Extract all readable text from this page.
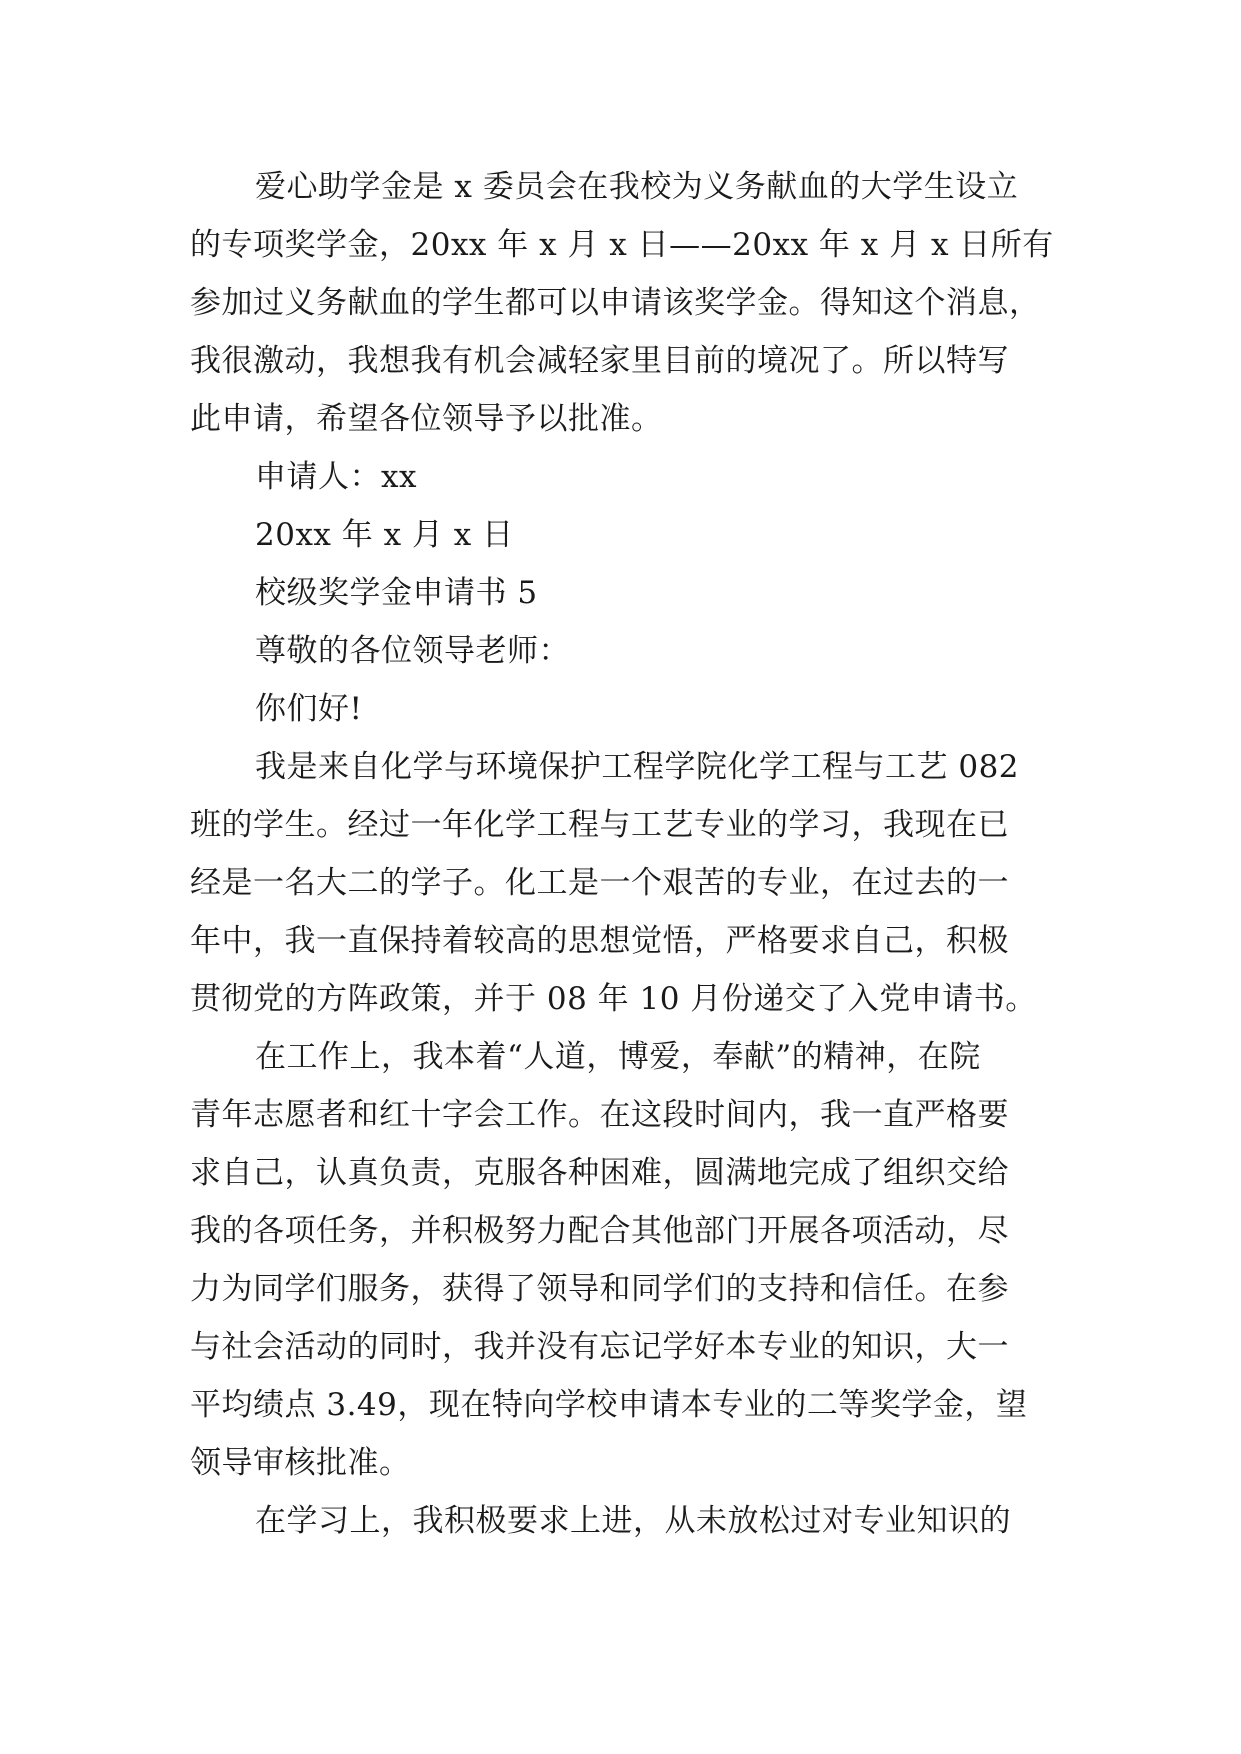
爱心助学金是 x 委员会在我校为义务献血的大学生设立
的专项奖学金，20xx 年 x 月 x 日——20xx 年 x 月 x 日所有
参加过义务献血的学生都可以申请该奖学金。得知这个消息，
我很激动，我想我有机会减轻家里目前的境况了。所以特写
此申请，希望各位领导予以批准。
申请人：xx
20xx 年 x 月 x 日
校级奖学金申请书 5
尊敬的各位领导老师：
你们好!
我是来自化学与环境保护工程学院化学工程与工艺 082
班的学生。经过一年化学工程与工艺专业的学习，我现在已
经是一名大二的学子。化工是一个艰苦的专业，在过去的一
年中，我一直保持着较高的思想觉悟，严格要求自己，积极
贯彻党的方阵政策，并于 08 年 10 月份递交了入党申请书。
在工作上，我本着“人道，博爱，奉献”的精神，在院
青年志愿者和红十字会工作。在这段时间内，我一直严格要
求自己，认真负责，克服各种困难，圆满地完成了组织交给
我的各项任务，并积极努力配合其他部门开展各项活动，尽
力为同学们服务，获得了领导和同学们的支持和信任。在参
与社会活动的同时，我并没有忘记学好本专业的知识，大一
平均绩点 3.49，现在特向学校申请本专业的二等奖学金，望
领导审核批准。
在学习上，我积极要求上进，从未放松过对专业知识的
